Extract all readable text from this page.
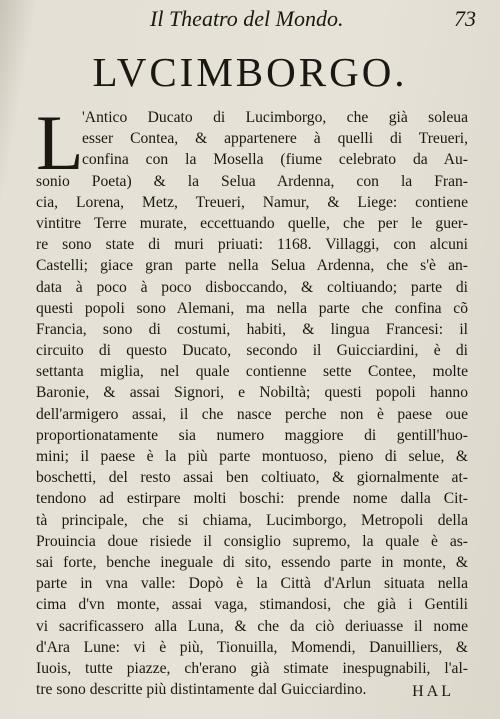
Il Theatro del Mondo.	73
LVCIMBORGO.
L
'Antico Ducato di Lucimborgo, che già soleua
esser Contea, & appartenere à quelli di Treueri,
confina con la Mosella (fiume celebrato da Au-
sonio Poeta) & la Selua Ardenna, con la Fran-
cia, Lorena, Metz, Treueri, Namur, & Liege: contiene
vintitre Terre murate, eccettuando quelle, che per le guer-
re sono state di muri priuati: 1168. Villaggi, con alcuni
Castelli; giace gran parte nella Selua Ardenna, che s'è an-
data à poco à poco disboccando, & coltiuando; parte di
questi popoli sono Alemani, ma nella parte che confina cõ
Francia, sono di costumi, habiti, & lingua Francesi: il
circuito di questo Ducato, secondo il Guicciardini, è di
settanta miglia, nel quale contienne sette Contee, molte
Baronie, & assai Signori, e Nobiltà; questi popoli hanno
dell'armigero assai, il che nasce perche non è paese oue
proportionatamente sia numero maggiore di gentill'huo-
mini; il paese è la più parte montuoso, pieno di selue, &
boschetti, del resto assai ben coltiuato, & giornalmente at-
tendono ad estirpare molti boschi: prende nome dalla Cit-
tà principale, che si chiama, Lucimborgo, Metropoli della
Prouincia doue risiede il consiglio supremo, la quale è as-
sai forte, benche ineguale di sito, essendo parte in monte, &
parte in vna valle: Dopò è la Città d'Arlun situata nella
cima d'vn monte, assai vaga, stimandosi, che già i Gentili
vi sacrificassero alla Luna, & che da ciò deriuasse il nome
d'Ara Lune: vi è più, Tionuilla, Momendi, Danuilliers, &
Iuois, tutte piazze, ch'erano già stimate inespugnabili, l'al-
tre sono descritte più distintamente dal Guicciardino.	HAL
